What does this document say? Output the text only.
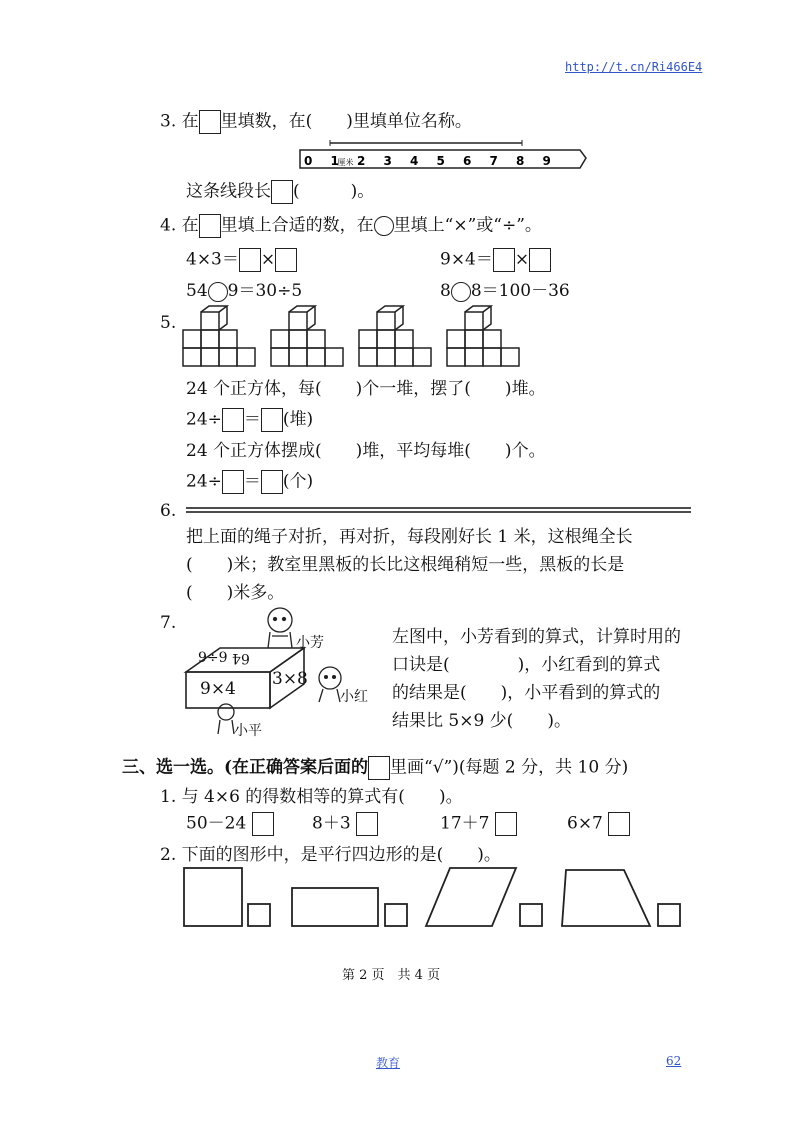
http://t.cn/Ri466E4
3. 在 里填数，在(　　)里填单位名称。
0 1
厘米 2 3 4 5 6 7 8 9
这条线段长 (　　　)。
4. 在 里填上合适的数，在 里填上“×”或“÷”。
4×3＝ ×	9×4＝ ×
54 9＝30÷5	8 8＝100－36
5.
24 个正方体，每(　　)个一堆，摆了(　　)堆。
24÷ ＝ (堆)
24 个正方体摆成(　　)堆，平均每堆(　　)个。
24÷ ＝ (个)
6.
把上面的绳子对折，再对折，每段刚好长 1 米，这根绳全长
(　　)米；教室里黑板的长比这根绳稍短一些，黑板的长是
(　　)米多。
7.
9÷9 64
9×4 3×8
小芳
小红
小平
左图中，小芳看到的算式，计算时用的
口诀是(　　　　)，小红看到的算式
的结果是(　　)，小平看到的算式的
结果比 5×9 少(　　)。
三、选一选。(在正确答案后面的 里画“√”)(每题 2 分，共 10 分)
1. 与 4×6 的得数相等的算式有(　　)。
50－24	8＋3	17＋7	6×7
2. 下面的图形中，是平行四边形的是(　　)。
第 2 页　共 4 页
教育	62
